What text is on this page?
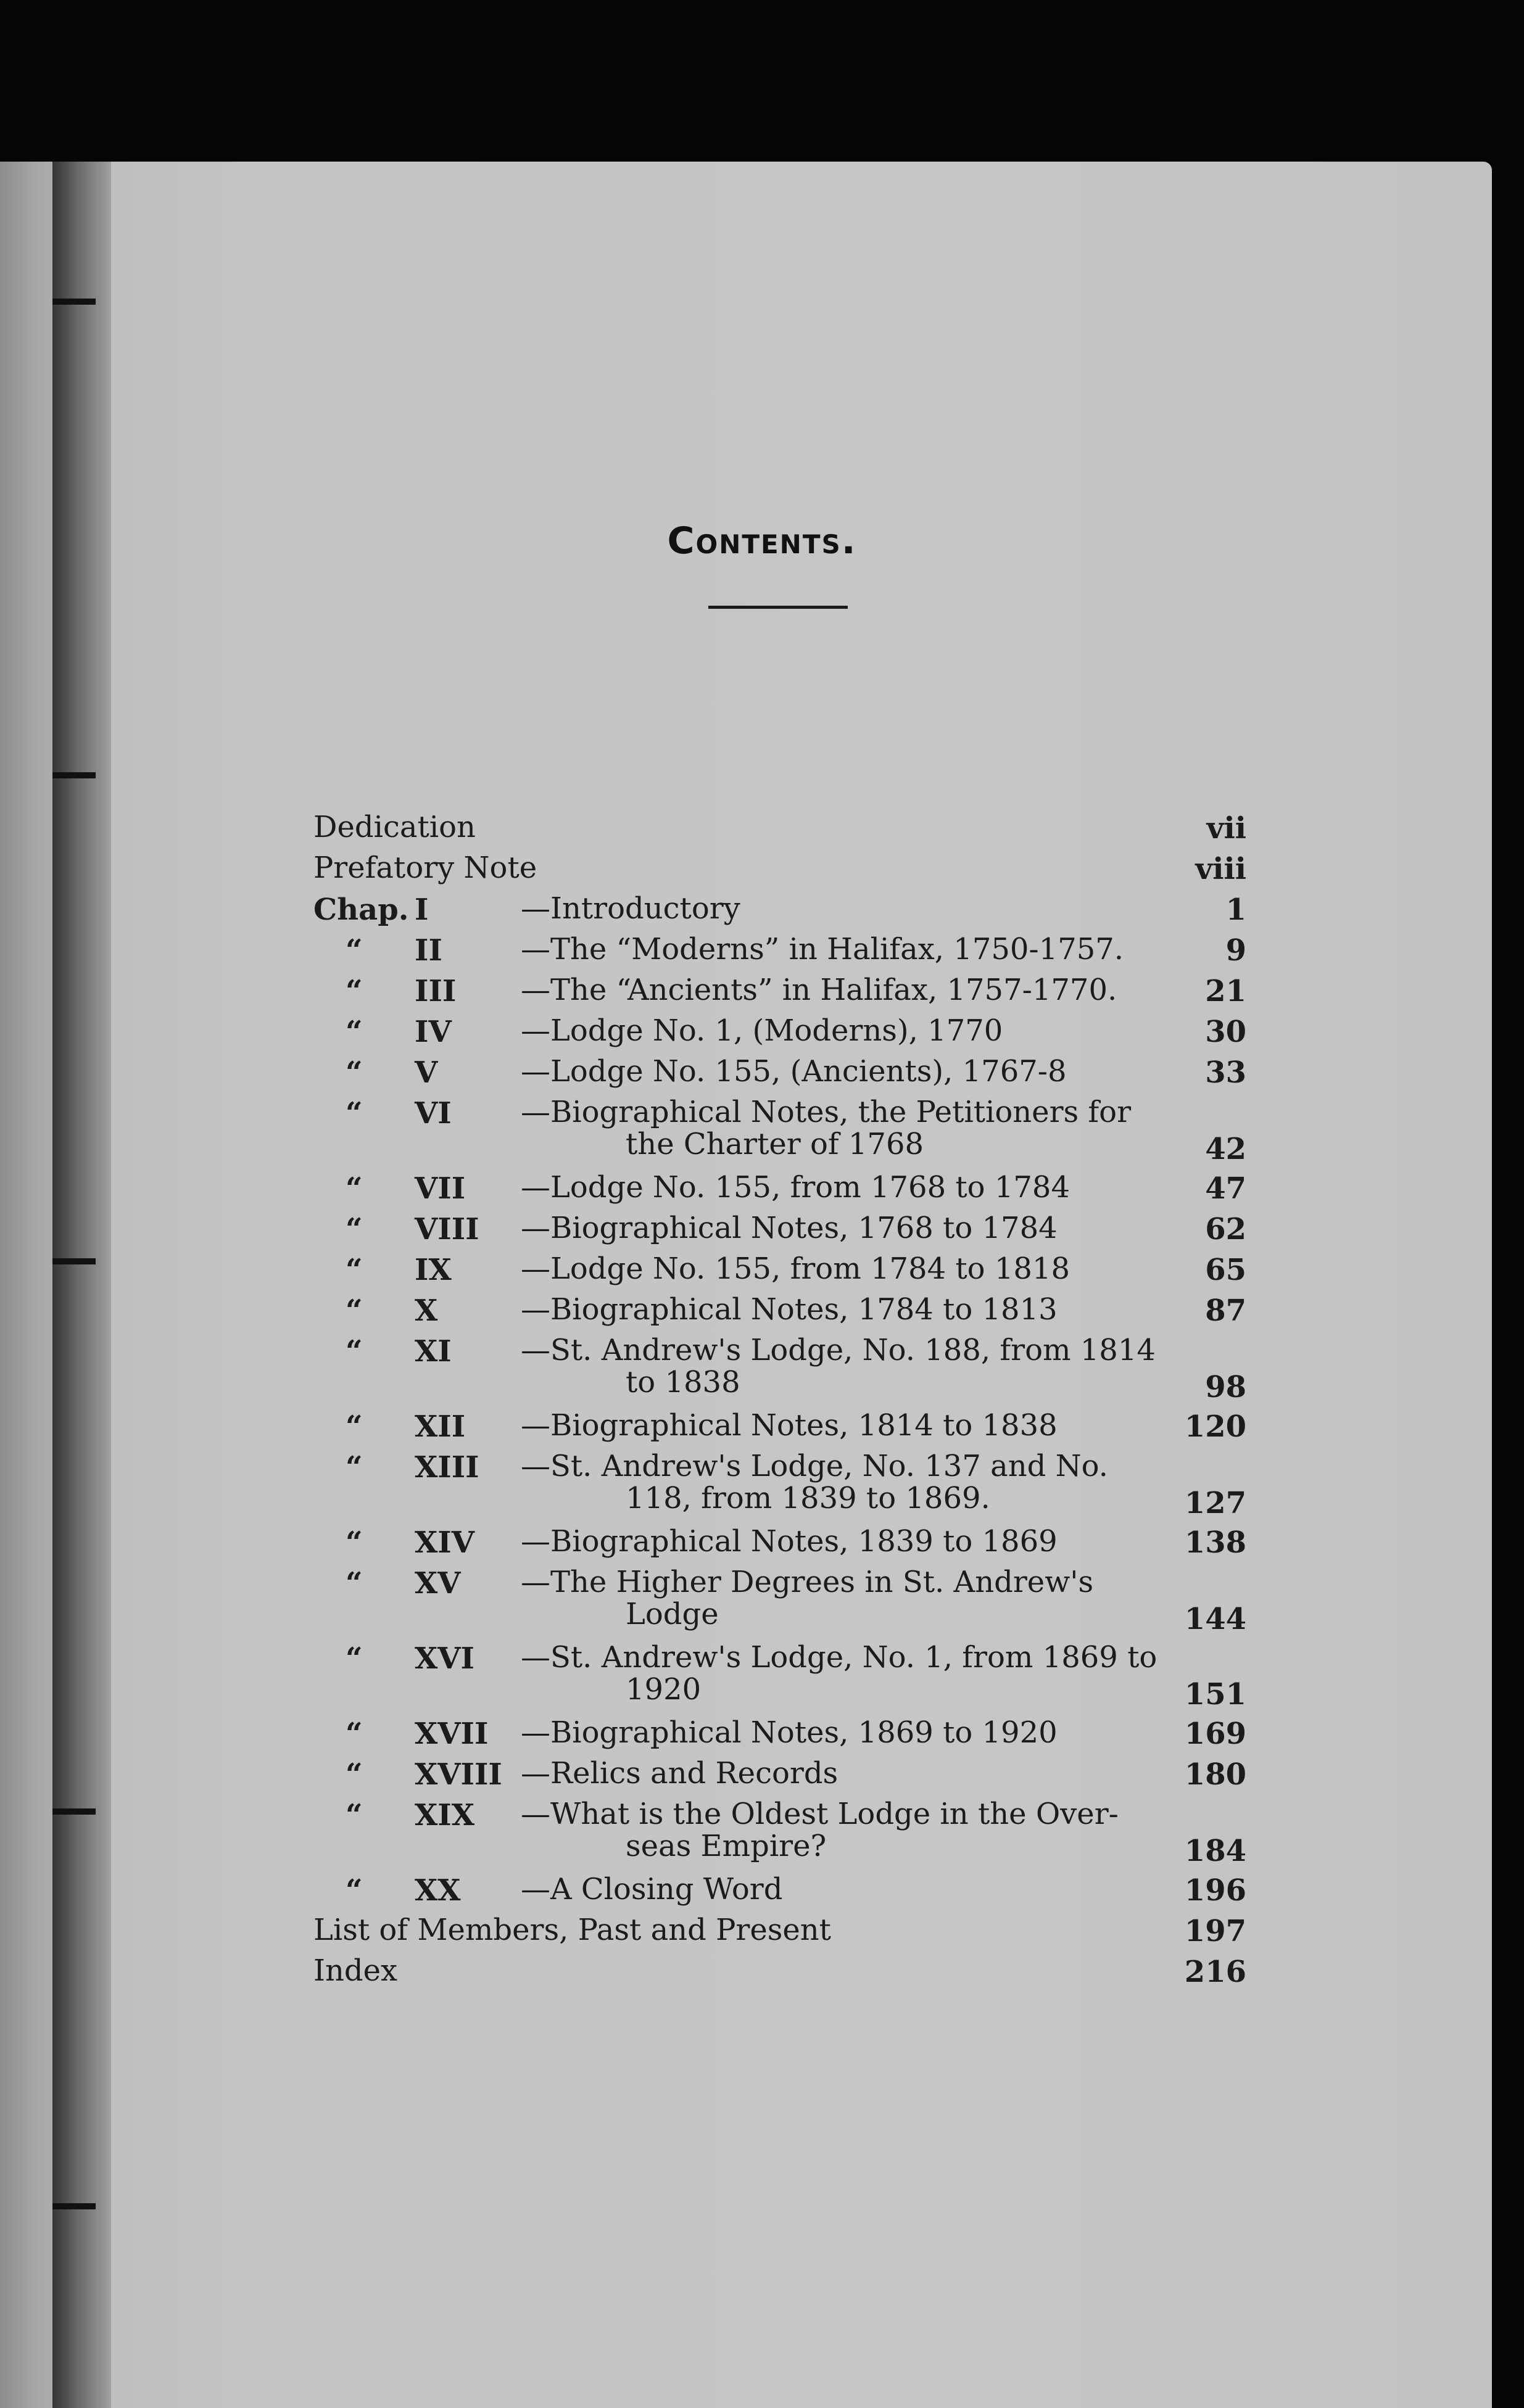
Contents.
Dedication	vii
Prefatory Note	viii
Chap. I	—Introductory	1
“ II	—The “Moderns” in Halifax, 1750-1757.	9
“ III —The “Ancients” in Halifax, 1757-1770.	21
“ IV —Lodge No. 1, (Moderns), 1770	30
“ V	—Lodge No. 155, (Ancients), 1767-8	33
“ VI —Biographical Notes, the Petitioners for
the Charter of 1768	42
“ VII —Lodge No. 155, from 1768 to 1784	47
“ VIII —Biographical Notes, 1768 to 1784	62
“ IX —Lodge No. 155, from 1784 to 1818	65
“ X	—Biographical Notes, 1784 to 1813	87
“ XI —St. Andrew's Lodge, No. 188, from 1814
to 1838	98
“ XII —Biographical Notes, 1814 to 1838	120
“ XIII —St. Andrew's Lodge, No. 137 and No.
118, from 1839 to 1869.	127
“ XIV —Biographical Notes, 1839 to 1869	138
“ XV —The Higher Degrees in St. Andrew's
Lodge	144
“ XVI —St. Andrew's Lodge, No. 1, from 1869 to
1920	151
“ XVII —Biographical Notes, 1869 to 1920	169
“ XVIII —Relics and Records	180
“ XIX —What is the Oldest Lodge in the Over-
seas Empire?	184
“ XX —A Closing Word	196
List of Members, Past and Present	197
Index	216
